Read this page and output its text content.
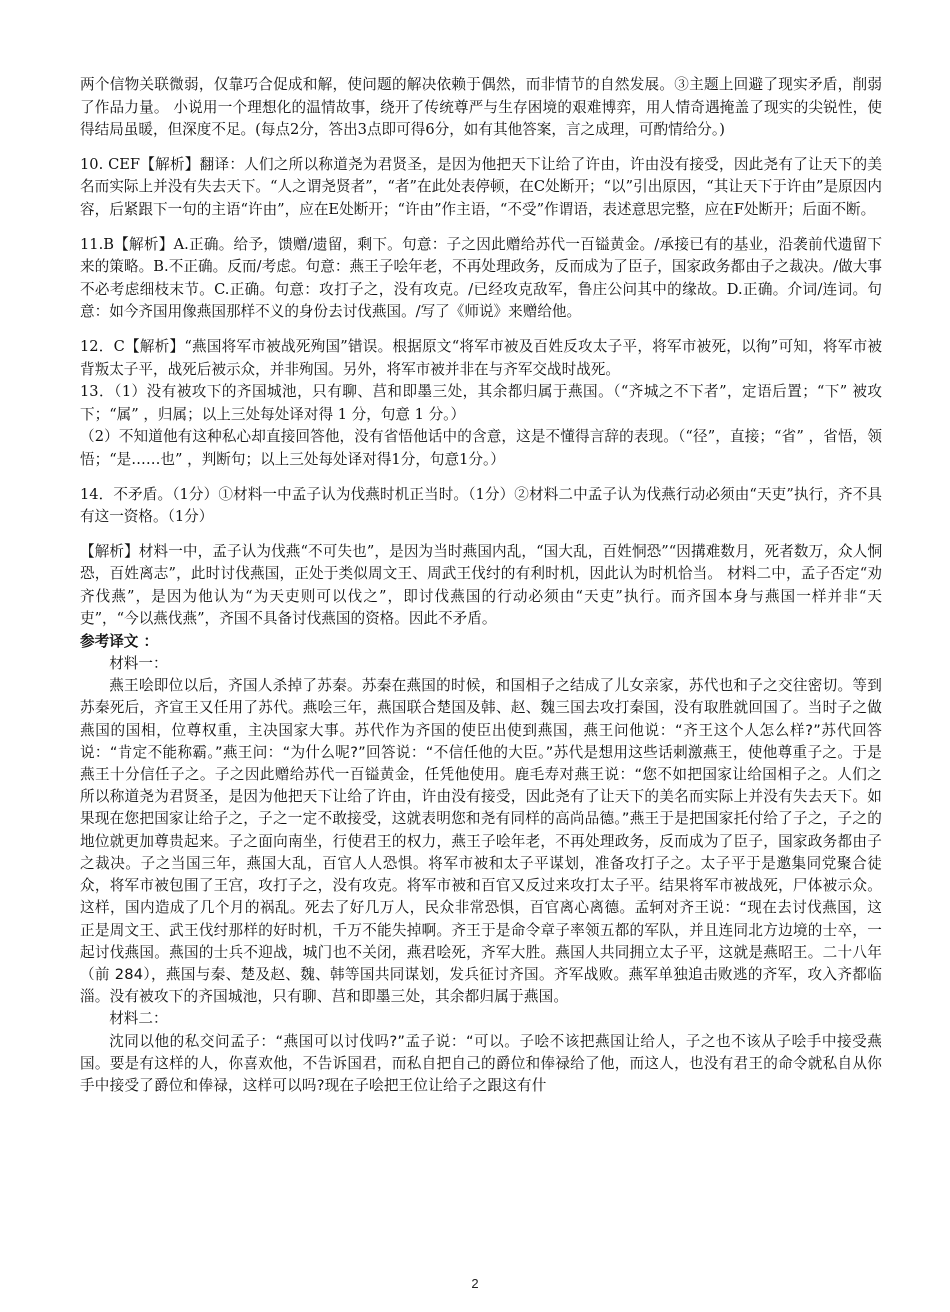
两个信物关联微弱，仅靠巧合促成和解，使问题的解决依赖于偶然，而非情节的自然发展。③主题上回避了现实矛盾，削弱了作品力量。 小说用一个理想化的温情故事，绕开了传统尊严与生存困境的艰难博弈，用人情奇遇掩盖了现实的尖锐性，使得结局虽暖，但深度不足。(每点2分，答出3点即可得6分，如有其他答案，言之成理，可酌情给分。)

10. CEF【解析】翻译：人们之所以称道尧为君贤圣，是因为他把天下让给了许由，许由没有接受，因此尧有了让天下的美名而实际上并没有失去天下。“人之谓尧贤者”，“者”在此处表停顿，在C处断开；“以”引出原因，“其让天下于许由”是原因内容，后紧跟下一句的主语“许由”，应在E处断开；“许由”作主语，“不受”作谓语，表述意思完整，应在F处断开；后面不断。

11.B【解析】A.正确。给予，馈赠/遗留，剩下。句意：子之因此赠给苏代一百镒黄金。/承接已有的基业，沿袭前代遗留下来的策略。B.不正确。反而/考虑。句意：燕王子哙年老，不再处理政务，反而成为了臣子，国家政务都由子之裁决。/做大事不必考虑细枝末节。C.正确。句意：攻打子之，没有攻克。/已经攻克敌军，鲁庄公问其中的缘故。D.正确。介词/连词。句意：如今齐国用像燕国那样不义的身份去讨伐燕国。/写了《师说》来赠给他。

12．C【解析】“燕国将军市被战死殉国”错误。根据原文“将军市被及百姓反攻太子平，将军市被死，以徇”可知，将军市被背叛太子平，战死后被示众，并非殉国。另外，将军市被并非在与齐军交战时战死。

13．（1）没有被攻下的齐国城池，只有聊、莒和即墨三处，其余都归属于燕国。（“齐城之不下者”，定语后置；“下” 被攻下；“属” ，归属；以上三处每处译对得 1 分，句意 1 分。）

（2）不知道他有这种私心却直接回答他，没有省悟他话中的含意，这是不懂得言辞的表现。（“径”，直接；“省” ，省悟，领悟；“是……也” ，判断句；以上三处每处译对得1分，句意1分。）

14．不矛盾。（1分）①材料一中孟子认为伐燕时机正当时。（1分）②材料二中孟子认为伐燕行动必须由“天吏”执行，齐不具有这一资格。（1分）

【解析】材料一中，孟子认为伐燕“不可失也”，是因为当时燕国内乱，“国大乱，百姓恫恐”“因搆难数月，死者数万，众人恫恐，百姓离志”，此时讨伐燕国，正处于类似周文王、周武王伐纣的有利时机，因此认为时机恰当。 材料二中，孟子否定“劝齐伐燕”，是因为他认为“为天吏则可以伐之”，即讨伐燕国的行动必须由“天吏”执行。而齐国本身与燕国一样并非“天吏”，“今以燕伐燕”，齐国不具备讨伐燕国的资格。因此不矛盾。

参考译文 ：

材料一：

燕王哙即位以后，齐国人杀掉了苏秦。苏秦在燕国的时候，和国相子之结成了儿女亲家，苏代也和子之交往密切。等到苏秦死后，齐宣王又任用了苏代。燕哙三年，燕国联合楚国及韩、赵、魏三国去攻打秦国，没有取胜就回国了。当时子之做燕国的国相，位尊权重，主决国家大事。苏代作为齐国的使臣出使到燕国，燕王问他说：“齐王这个人怎么样?”苏代回答说：“肯定不能称霸。”燕王问：“为什么呢?”回答说：“不信任他的大臣。”苏代是想用这些话刺激燕王，使他尊重子之。于是燕王十分信任子之。子之因此赠给苏代一百镒黄金，任凭他使用。鹿毛寿对燕王说：“您不如把国家让给国相子之。人们之所以称道尧为君贤圣，是因为他把天下让给了许由，许由没有接受，因此尧有了让天下的美名而实际上并没有失去天下。如果现在您把国家让给子之，子之一定不敢接受，这就表明您和尧有同样的高尚品德。”燕王于是把国家托付给了子之，子之的地位就更加尊贵起来。子之面向南坐，行使君王的权力，燕王子哙年老，不再处理政务，反而成为了臣子，国家政务都由子之裁决。子之当国三年，燕国大乱，百官人人恐惧。将军市被和太子平谋划，准备攻打子之。太子平于是邀集同党聚合徒众，将军市被包围了王宫，攻打子之，没有攻克。将军市被和百官又反过来攻打太子平。结果将军市被战死，尸体被示众。这样，国内造成了几个月的祸乱。死去了好几万人，民众非常恐惧，百官离心离德。孟轲对齐王说：“现在去讨伐燕国，这正是周文王、武王伐纣那样的好时机，千万不能失掉啊。齐王于是命令章子率领五都的军队，并且连同北方边境的士卒，一起讨伐燕国。燕国的士兵不迎战，城门也不关闭，燕君哙死，齐军大胜。燕国人共同拥立太子平，这就是燕昭王。二十八年（前 284），燕国与秦、楚及赵、魏、韩等国共同谋划，发兵征讨齐国。齐军战败。燕军单独追击败逃的齐军，攻入齐都临淄。没有被攻下的齐国城池，只有聊、莒和即墨三处，其余都归属于燕国。

材料二：

沈同以他的私交问孟子：“燕国可以讨伐吗?”孟子说：“可以。子哙不该把燕国让给人，子之也不该从子哙手中接受燕国。要是有这样的人，你喜欢他，不告诉国君，而私自把自己的爵位和俸禄给了他，而这人，也没有君王的命令就私自从你手中接受了爵位和俸禄，这样可以吗?现在子哙把王位让给子之跟这有什

2
